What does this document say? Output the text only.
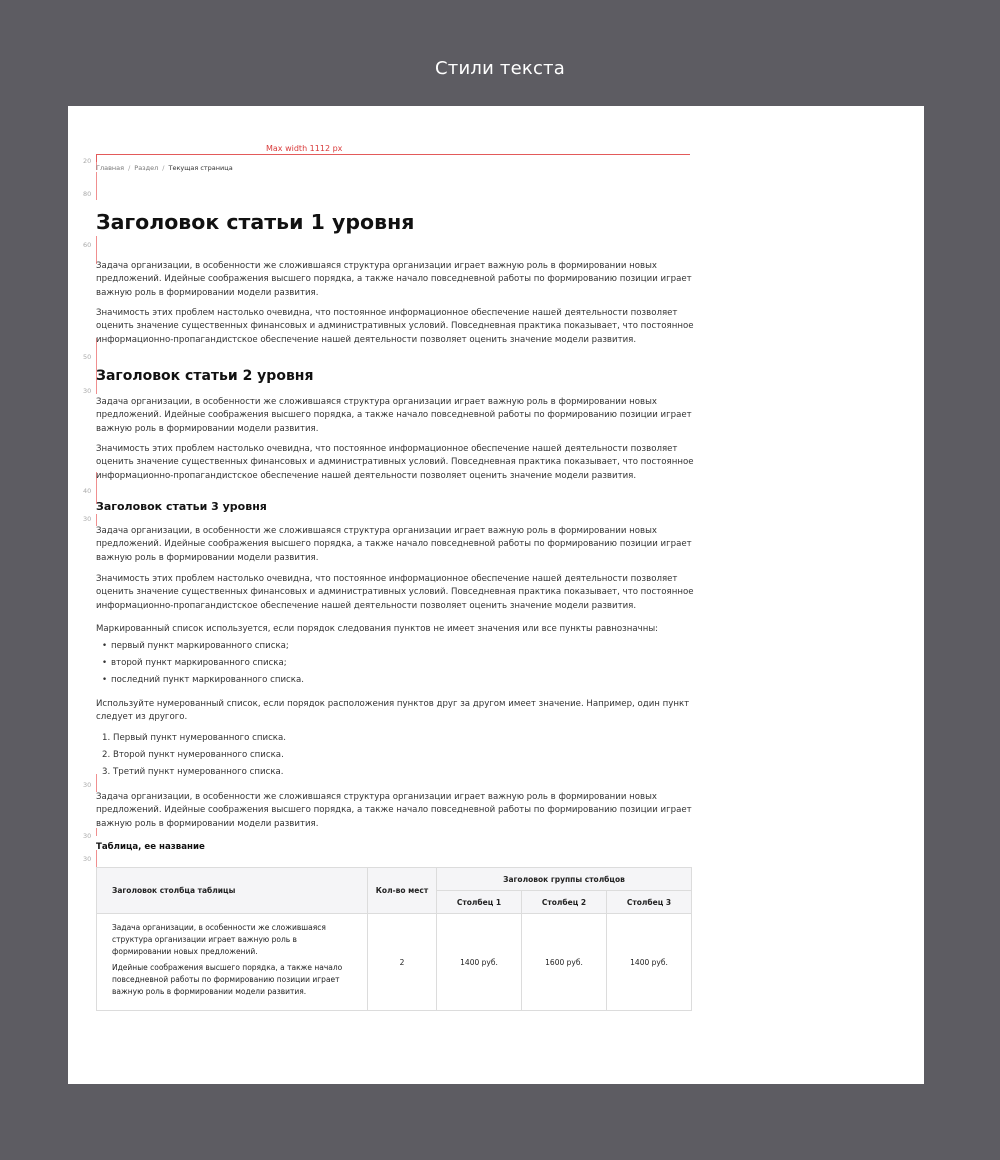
Стили текста
Max width 1112 px
20
80
60
50
30
40
30
30
30
30
Главная / Раздел / Текущая страница
Заголовок статьи 1 уровня

Задача организации, в особенности же сложившаяся структура организации играет важную роль в формировании новых
предложений. Идейные соображения высшего порядка, а также начало повседневной работы по формированию позиции играет
важную роль в формировании модели развития.

Значимость этих проблем настолько очевидна, что постоянное информационное обеспечение нашей деятельности позволяет
оценить значение существенных финансовых и административных условий. Повседневная практика показывает, что постоянное
информационно-пропагандистское обеспечение нашей деятельности позволяет оценить значение модели развития.

Заголовок статьи 2 уровня

Задача организации, в особенности же сложившаяся структура организации играет важную роль в формировании новых
предложений. Идейные соображения высшего порядка, а также начало повседневной работы по формированию позиции играет
важную роль в формировании модели развития.

Значимость этих проблем настолько очевидна, что постоянное информационное обеспечение нашей деятельности позволяет
оценить значение существенных финансовых и административных условий. Повседневная практика показывает, что постоянное
информационно-пропагандистское обеспечение нашей деятельности позволяет оценить значение модели развития.

Заголовок статьи 3 уровня

Задача организации, в особенности же сложившаяся структура организации играет важную роль в формировании новых
предложений. Идейные соображения высшего порядка, а также начало повседневной работы по формированию позиции играет
важную роль в формировании модели развития.

Значимость этих проблем настолько очевидна, что постоянное информационное обеспечение нашей деятельности позволяет
оценить значение существенных финансовых и административных условий. Повседневная практика показывает, что постоянное
информационно-пропагандистское обеспечение нашей деятельности позволяет оценить значение модели развития.

Маркированный список используется, если порядок следования пунктов не имеет значения или все пункты равнозначны:

• первый пункт маркированного списка;
• второй пункт маркированного списка;
• последний пункт маркированного списка.

Используйте нумерованный список, если порядок расположения пунктов друг за другом имеет значение. Например, один пункт
следует из другого.

1. Первый пункт нумерованного списка.
2. Второй пункт нумерованного списка.
3. Третий пункт нумерованного списка.

Задача организации, в особенности же сложившаяся структура организации играет важную роль в формировании новых
предложений. Идейные соображения высшего порядка, а также начало повседневной работы по формированию позиции играет
важную роль в формировании модели развития.

Таблица, ее название
Заголовок столбца таблицы	Кол-во мест	Заголовок группы столбцов		
		Столбец 1	Столбец 2	Столбец 3

Задача организации, в особенности же сложившаяся структура организации играет важную роль в формировании новых предложений.
Идейные соображения высшего порядка, а также начало повседневной работы по формированию позиции играет важную роль в формировании модели развития.	2	1400 руб.	1600 руб.	1400 руб.
